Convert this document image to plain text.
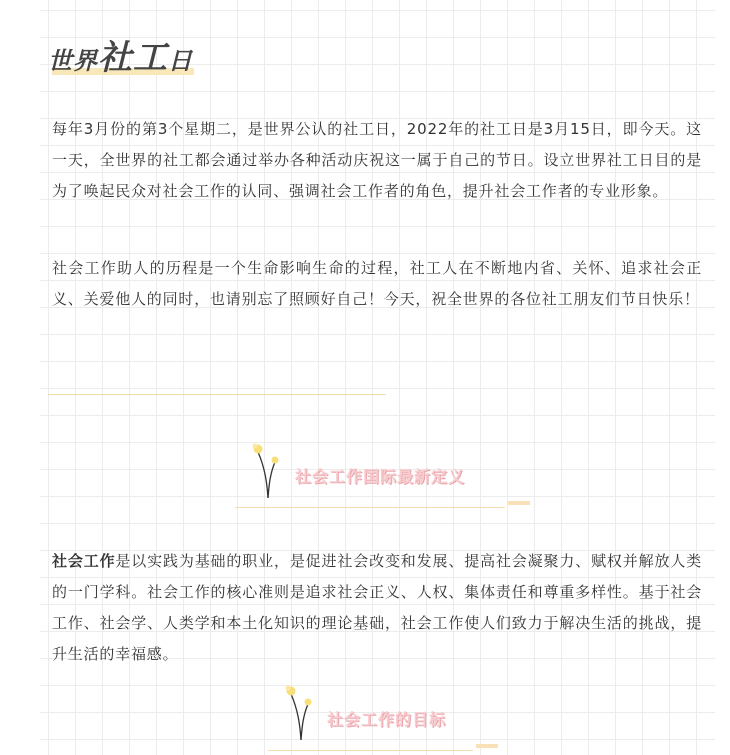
世界社工日

每年3月份的第3个星期二，是世界公认的社工日，2022年的社工日是3月15日，即今天。这一天，全世界的社工都会通过举办各种活动庆祝这一属于自己的节日。设立世界社工日目的是为了唤起民众对社会工作的认同、强调社会工作者的角色，提升社会工作者的专业形象。

社会工作助人的历程是一个生命影响生命的过程，社工人在不断地内省、关怀、追求社会正义、关爱他人的同时，也请别忘了照顾好自己！今天，祝全世界的各位社工朋友们节日快乐！

社会工作国际最新定义

社会工作是以实践为基础的职业，是促进社会改变和发展、提高社会凝聚力、赋权并解放人类的一门学科。社会工作的核心准则是追求社会正义、人权、集体责任和尊重多样性。基于社会工作、社会学、人类学和本土化知识的理论基础，社会工作使人们致力于解决生活的挑战，提升生活的幸福感。

社会工作的目标
